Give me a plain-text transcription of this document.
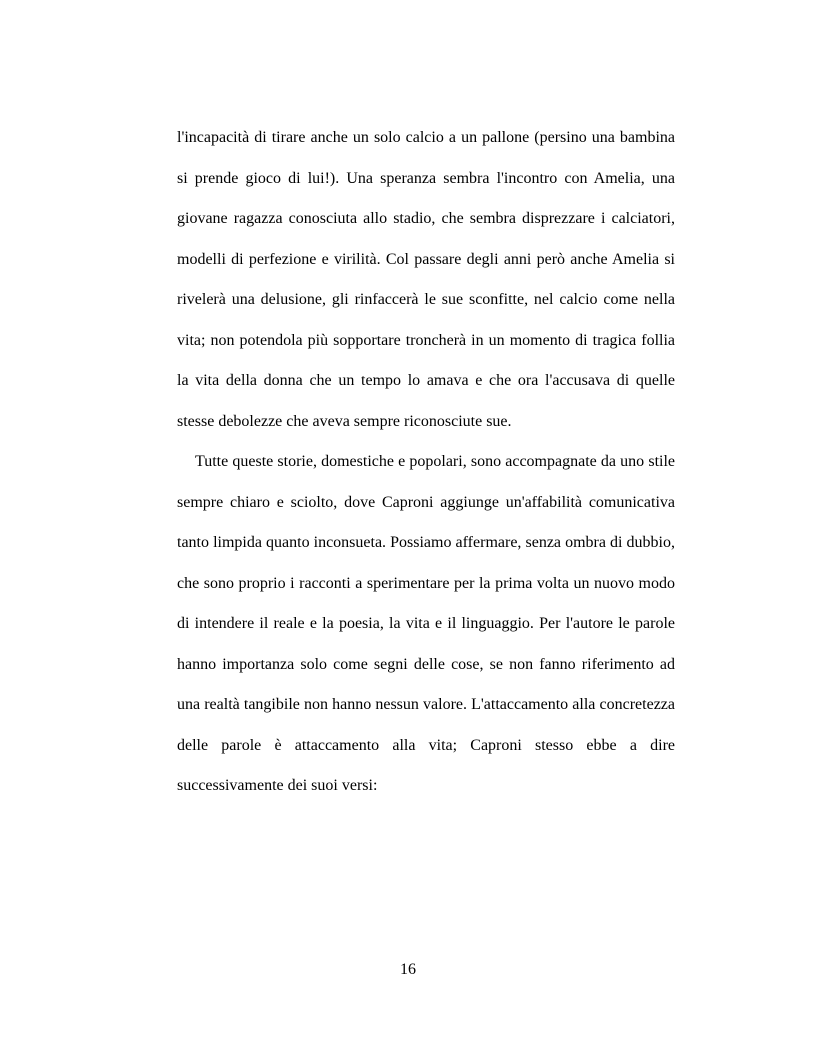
l'incapacità di tirare anche un solo calcio a un pallone (persino una bambina si prende gioco di lui!). Una speranza sembra l'incontro con Amelia, una giovane ragazza conosciuta allo stadio, che sembra disprezzare i calciatori, modelli di perfezione e virilità. Col passare degli anni però anche Amelia si rivelerà una delusione, gli rinfaccerà le sue sconfitte, nel calcio come nella vita; non potendola più sopportare troncherà in un momento di tragica follia la vita della donna che un tempo lo amava e che ora l'accusava di quelle stesse debolezze che aveva sempre riconosciute sue.

Tutte queste storie, domestiche e popolari, sono accompagnate da uno stile sempre chiaro e sciolto, dove Caproni aggiunge un'affabilità comunicativa tanto limpida quanto inconsueta. Possiamo affermare, senza ombra di dubbio, che sono proprio i racconti a sperimentare per la prima volta un nuovo modo di intendere il reale e la poesia, la vita e il linguaggio. Per l'autore le parole hanno importanza solo come segni delle cose, se non fanno riferimento ad una realtà tangibile non hanno nessun valore. L'attaccamento alla concretezza delle parole è attaccamento alla vita; Caproni stesso ebbe a dire successivamente dei suoi versi:

16
